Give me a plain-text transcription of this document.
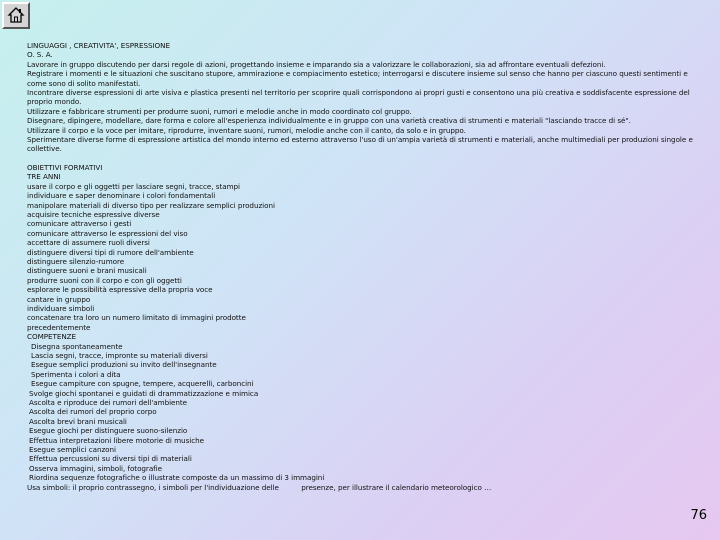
LINGUAGGI , CREATIVITA', ESPRESSIONE
O. S. A.
Lavorare in gruppo discutendo per darsi regole di azioni, progettando insieme e imparando sia a valorizzare le collaborazioni, sia ad affrontare eventuali defezioni.
Registrare i momenti e le situazioni che suscitano stupore, ammirazione e compiacimento estetico; interrogarsi e discutere insieme sul senso che hanno per ciascuno questi sentimenti e come sono di solito manifestati.
Incontrare diverse espressioni di arte visiva e plastica presenti nel territorio per scoprire quali corrispondono ai propri gusti e consentono una più creativa e soddisfacente espressione del proprio mondo.
Utilizzare e fabbricare strumenti per produrre suoni, rumori e melodie anche in modo coordinato col gruppo.
Disegnare, dipingere, modellare, dare forma e colore all'esperienza individualmente e in gruppo con una varietà creativa di strumenti e materiali "lasciando tracce di sé".
Utilizzare il corpo e la voce per imitare, riprodurre, inventare suoni, rumori, melodie anche con il canto, da solo e in gruppo.
Sperimentare diverse forme di espressione artistica del mondo interno ed esterno attraverso l'uso di un'ampia varietà di strumenti e materiali, anche multimediali per produzioni singole e collettive.
OBIETTIVI FORMATIVI
TRE ANNI
usare il corpo e gli oggetti per lasciare segni, tracce, stampi
individuare e saper denominare i colori fondamentali
manipolare materiali di diverso tipo per realizzare semplici produzioni
acquisire tecniche espressive diverse
comunicare attraverso i gesti
comunicare attraverso le espressioni del viso
accettare di assumere ruoli diversi
distinguere diversi tipi di rumore dell'ambiente
distinguere silenzio-rumore
distinguere suoni e brani musicali
produrre suoni con il corpo e con gli oggetti
esplorare le possibilità espressive della propria voce
cantare in gruppo
individuare simboli
concatenare tra loro un numero limitato di immagini prodotte
precedentemente
COMPETENZE
Disegna spontaneamente
Lascia segni, tracce, impronte su materiali diversi
Esegue semplici produzioni su invito dell'insegnante
Sperimenta i colori a dita
Esegue campiture con spugne, tempere, acquerelli, carboncini
Svolge giochi spontanei e guidati di drammatizzazione e mimica
Ascolta e riproduce dei rumori dell'ambiente
Ascolta dei rumori del proprio corpo
Ascolta brevi brani musicali
Esegue giochi per distinguere suono-silenzio
Effettua interpretazioni libere motorie di musiche
Esegue semplici canzoni
Effettua percussioni su diversi tipi di materiali
Osserva immagini, simboli, fotografie
Riordina sequenze fotografiche o illustrate composte da un massimo di 3 immagini
Usa simboli: il proprio contrassegno, i simboli per l'individuazione delle          presenze, per illustrare il calendario meteorologico …
76
